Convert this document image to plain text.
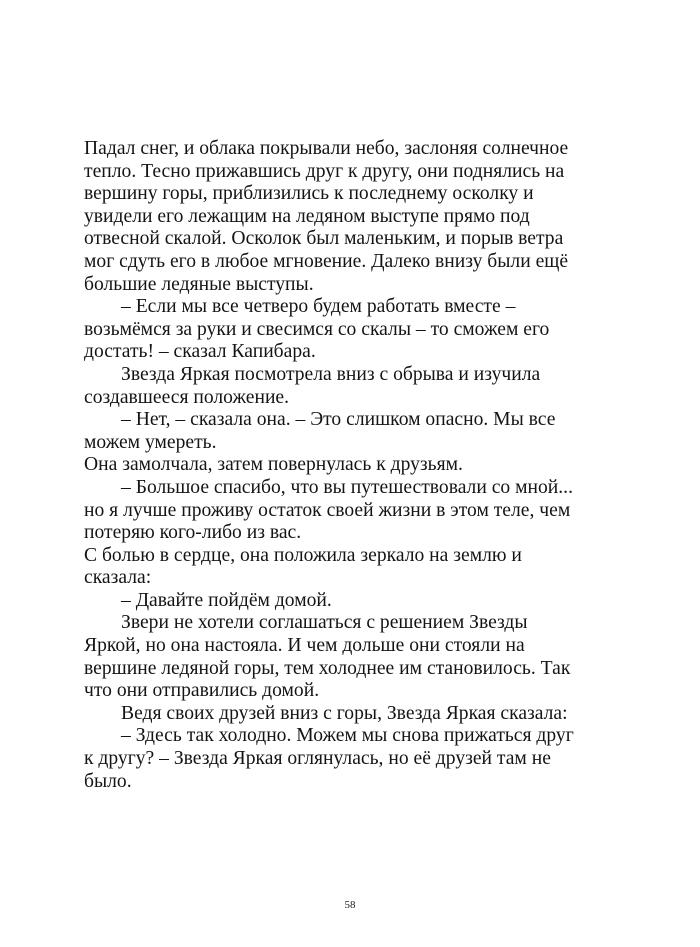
Падал снег, и облака покрывали небо, заслоняя солнечное

тепло. Тесно прижавшись друг к другу, они поднялись на

вершину горы, приблизились к последнему осколку и

увидели его лежащим на ледяном выступе прямо под

отвесной скалой. Осколок был маленьким, и порыв ветра

мог сдуть его в любое мгновение. Далеко внизу были ещё

большие ледяные выступы.

– Если мы все четверо будем работать вместе –

возьмёмся за руки и свесимся со скалы – то сможем его

достать! – сказал Капибара.

Звезда Яркая посмотрела вниз с обрыва и изучила

создавшееся положение.

– Нет, – сказала она. – Это слишком опасно. Мы все

можем умереть.

Она замолчала, затем повернулась к друзьям.

– Большое спасибо, что вы путешествовали со мной...

но я лучше проживу остаток своей жизни в этом теле, чем

потеряю кого-либо из вас.

С болью в сердце, она положила зеркало на землю и

сказала:

– Давайте пойдём домой.

Звери не хотели соглашаться с решением Звезды

Яркой, но она настояла. И чем дольше они стояли на

вершине ледяной горы, тем холоднее им становилось. Так

что они отправились домой.

Ведя своих друзей вниз с горы, Звезда Яркая сказала:

– Здесь так холодно. Можем мы снова прижаться друг

к другу? – Звезда Яркая оглянулась, но её друзей там не

было.

58
